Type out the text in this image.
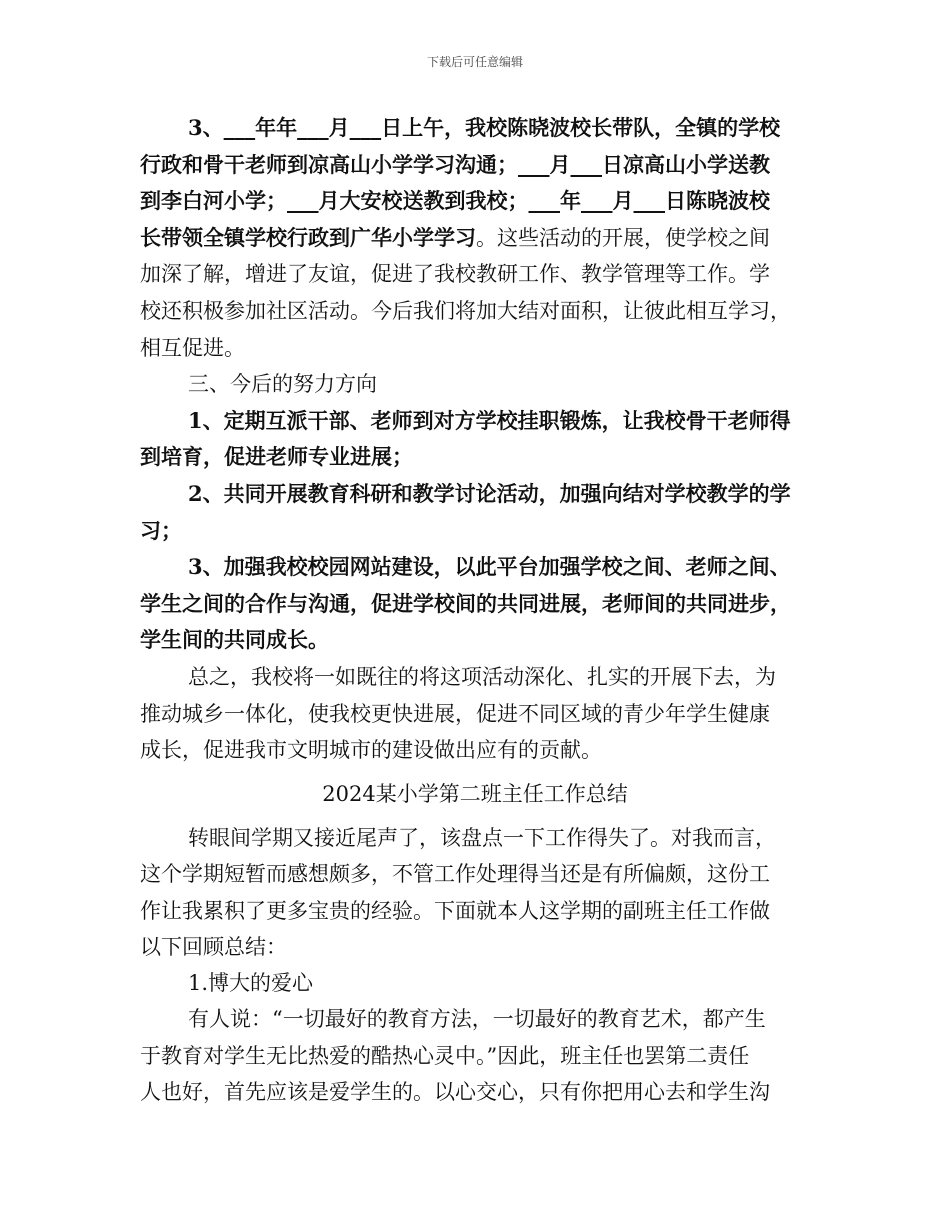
下载后可任意编辑

3、___年年___月___日上午，我校陈晓波校长带队，全镇的学校

行政和骨干老师到凉高山小学学习沟通；___月___日凉高山小学送教

到李白河小学；___月大安校送教到我校；___年___月___日陈晓波校

长带领全镇学校行政到广华小学学习。这些活动的开展，使学校之间

加深了解，增进了友谊，促进了我校教研工作、教学管理等工作。学

校还积极参加社区活动。今后我们将加大结对面积，让彼此相互学习，

相互促进。

三、今后的努力方向

1、定期互派干部、老师到对方学校挂职锻炼，让我校骨干老师得

到培育，促进老师专业进展；

2、共同开展教育科研和教学讨论活动，加强向结对学校教学的学

习；

3、加强我校校园网站建设，以此平台加强学校之间、老师之间、

学生之间的合作与沟通，促进学校间的共同进展，老师间的共同进步，

学生间的共同成长。

总之，我校将一如既往的将这项活动深化、扎实的开展下去，为

推动城乡一体化，使我校更快进展，促进不同区域的青少年学生健康

成长，促进我市文明城市的建设做出应有的贡献。

2024某小学第二班主任工作总结

转眼间学期又接近尾声了，该盘点一下工作得失了。对我而言，

这个学期短暂而感想颇多，不管工作处理得当还是有所偏颇，这份工

作让我累积了更多宝贵的经验。下面就本人这学期的副班主任工作做

以下回顾总结：

1.博大的爱心

有人说：“一切最好的教育方法，一切最好的教育艺术，都产生

于教育对学生无比热爱的酷热心灵中。”因此，班主任也罢第二责任

人也好，首先应该是爱学生的。以心交心，只有你把用心去和学生沟
